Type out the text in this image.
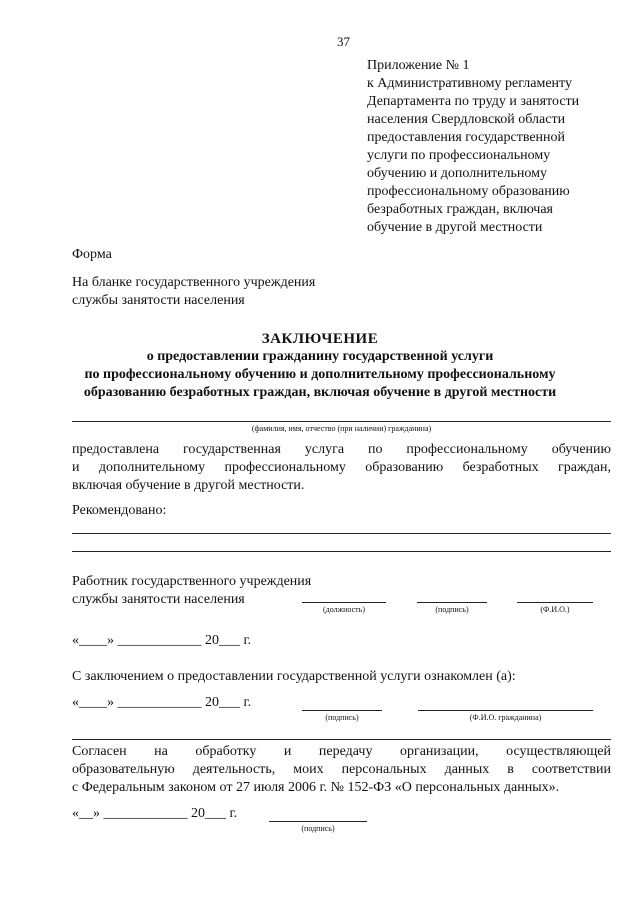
37
Приложение № 1
к Административному регламенту
Департамента по труду и занятости
населения Свердловской области
предоставления государственной
услуги по профессиональному
обучению и дополнительному
профессиональному образованию
безработных граждан, включая
обучение в другой местности
Форма
На бланке государственного учреждения
службы занятости населения
ЗАКЛЮЧЕНИЕ
о предоставлении гражданину государственной услуги
по профессиональному обучению и дополнительному профессиональному
образованию безработных граждан, включая обучение в другой местности
(фамилия, имя, отчество (при наличии) гражданина)
предоставлена государственная услуга по профессиональному обучению
и дополнительному профессиональному образованию безработных граждан,
включая обучение в другой местности.
Рекомендовано:
Работник государственного учреждения
службы занятости населения
(должность)	(подпись)	(Ф.И.О.)
«____» ____________ 20___ г.
С заключением о предоставлении государственной услуги ознакомлен (а):
«____» ____________ 20___ г.
(подпись)	(Ф.И.О. гражданина)
Согласен на обработку и передачу организации, осуществляющей
образовательную деятельность, моих персональных данных в соответствии
с Федеральным законом от 27 июля 2006 г. № 152-ФЗ «О персональных данных».
«__» ____________ 20___ г.
(подпись)
